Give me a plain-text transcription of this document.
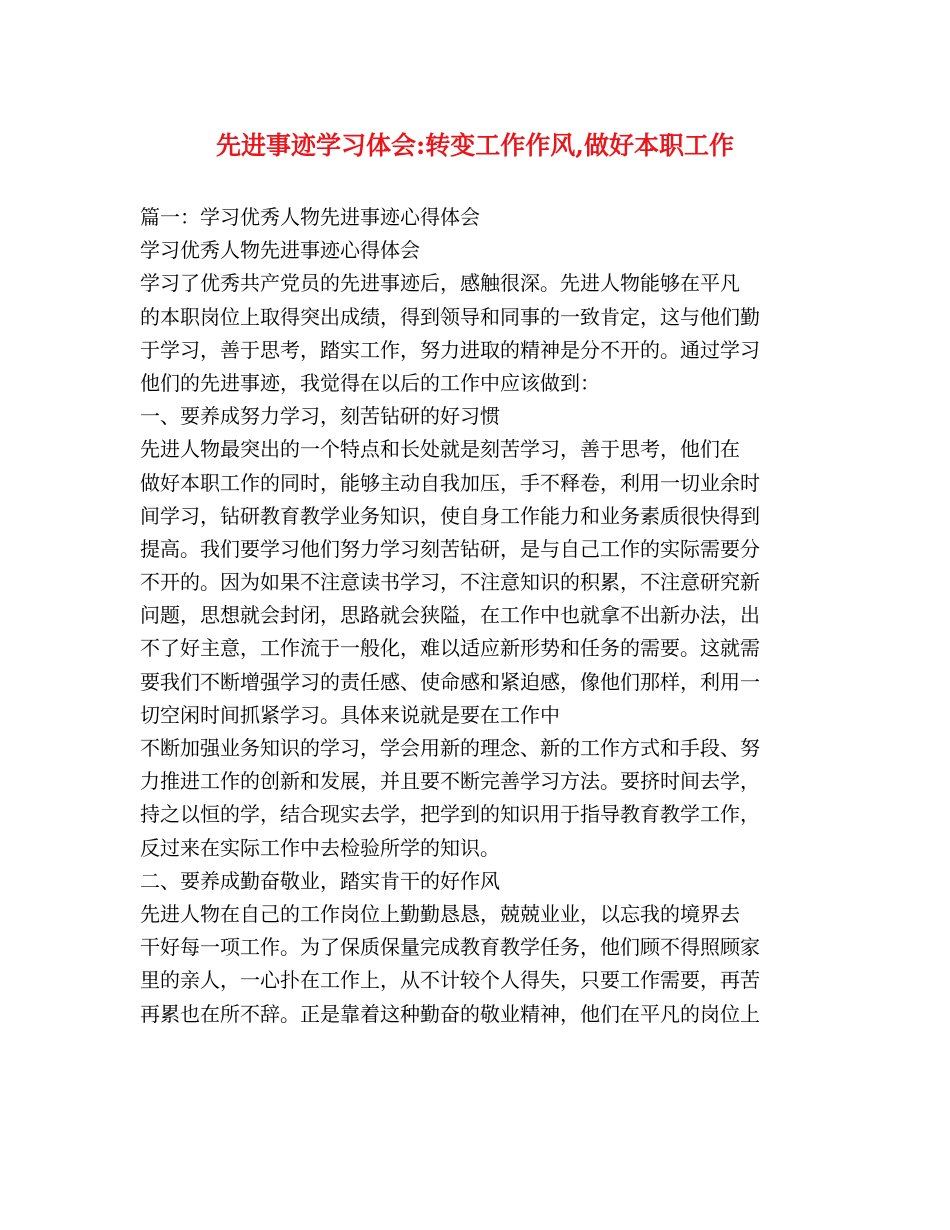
先进事迹学习体会:转变工作作风,做好本职工作
篇一：学习优秀人物先进事迹心得体会
学习优秀人物先进事迹心得体会
学习了优秀共产党员的先进事迹后，感触很深。先进人物能够在平凡
的本职岗位上取得突出成绩，得到领导和同事的一致肯定，这与他们勤
于学习，善于思考，踏实工作，努力进取的精神是分不开的。通过学习
他们的先进事迹，我觉得在以后的工作中应该做到：
一、要养成努力学习，刻苦钻研的好习惯
先进人物最突出的一个特点和长处就是刻苦学习，善于思考，他们在
做好本职工作的同时，能够主动自我加压，手不释卷，利用一切业余时
间学习，钻研教育教学业务知识，使自身工作能力和业务素质很快得到
提高。我们要学习他们努力学习刻苦钻研，是与自己工作的实际需要分
不开的。因为如果不注意读书学习，不注意知识的积累，不注意研究新
问题，思想就会封闭，思路就会狭隘，在工作中也就拿不出新办法，出
不了好主意，工作流于一般化，难以适应新形势和任务的需要。这就需
要我们不断增强学习的责任感、使命感和紧迫感，像他们那样，利用一
切空闲时间抓紧学习。具体来说就是要在工作中
不断加强业务知识的学习，学会用新的理念、新的工作方式和手段、努
力推进工作的创新和发展，并且要不断完善学习方法。要挤时间去学，
持之以恒的学，结合现实去学，把学到的知识用于指导教育教学工作，
反过来在实际工作中去检验所学的知识。
二、要养成勤奋敬业，踏实肯干的好作风
先进人物在自己的工作岗位上勤勤恳恳，兢兢业业，以忘我的境界去
干好每一项工作。为了保质保量完成教育教学任务，他们顾不得照顾家
里的亲人，一心扑在工作上，从不计较个人得失，只要工作需要，再苦
再累也在所不辞。正是靠着这种勤奋的敬业精神，他们在平凡的岗位上
